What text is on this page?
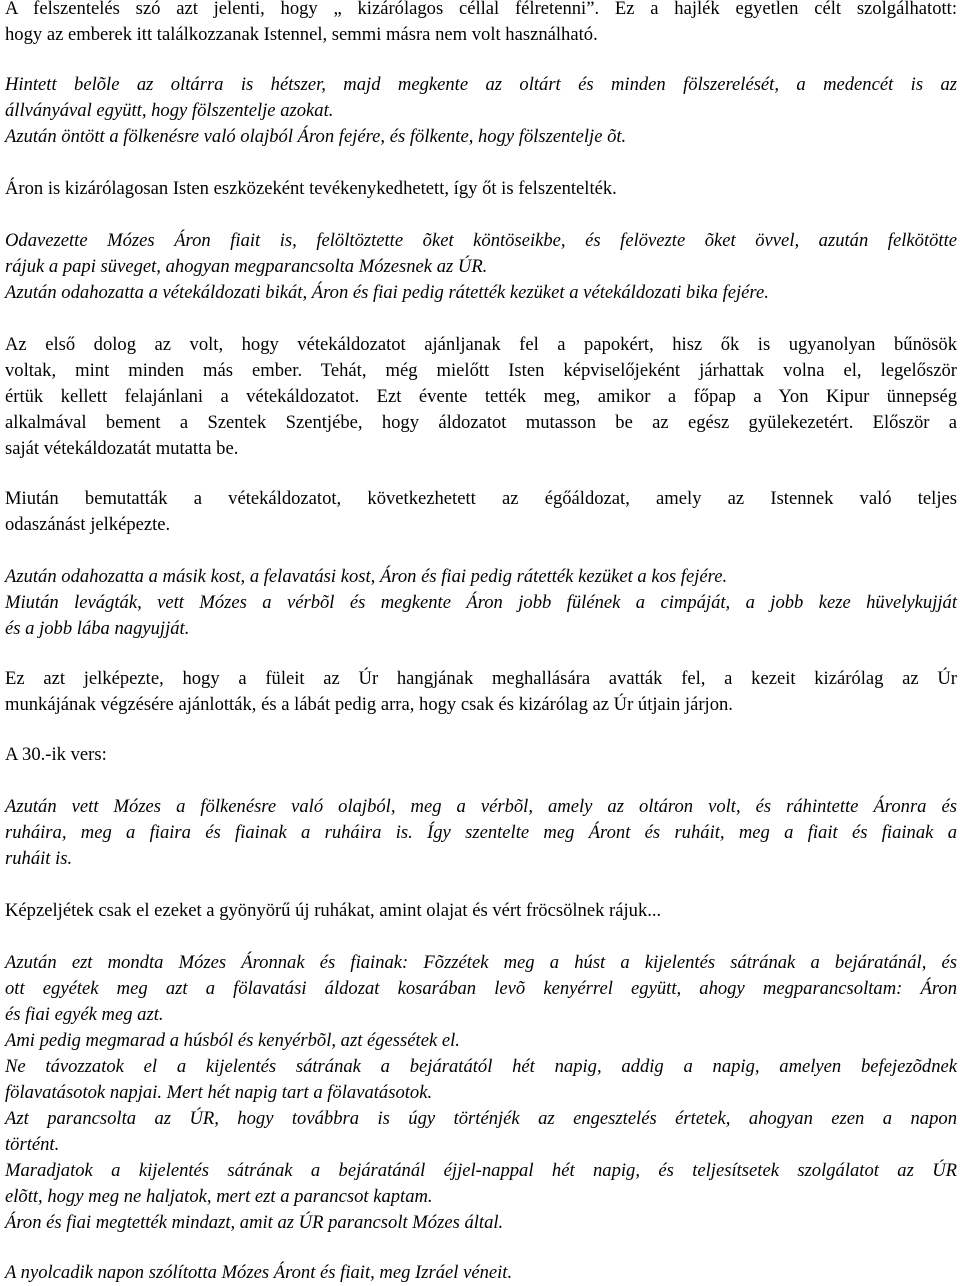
A felszentelés szó azt jelenti, hogy „ kizárólagos céllal félretenni”. Ez a hajlék egyetlen célt szolgálhatott:
hogy az emberek itt találkozzanak Istennel, semmi másra nem volt használható.
Hintett belõle az oltárra is hétszer, majd megkente az oltárt és minden fölszerelését, a medencét is az
állványával együtt, hogy fölszentelje azokat.
Azután öntött a fölkenésre való olajból Áron fejére, és fölkente, hogy fölszentelje õt.
Áron is kizárólagosan Isten eszközeként tevékenykedhetett, így őt is felszentelték.
Odavezette Mózes Áron fiait is, felöltöztette õket köntöseikbe, és felövezte õket övvel, azután felkötötte
rájuk a papi süveget, ahogyan megparancsolta Mózesnek az ÚR.
Azután odahozatta a vétekáldozati bikát, Áron és fiai pedig rátették kezüket a vétekáldozati bika fejére.
Az első dolog az volt, hogy vétekáldozatot ajánljanak fel a papokért, hisz ők is ugyanolyan bűnösök
voltak, mint minden más ember. Tehát, még mielőtt Isten képviselőjeként járhattak volna el, legelőször
értük kellett felajánlani a vétekáldozatot. Ezt évente tették meg, amikor a főpap a Yon Kipur ünnepség
alkalmával bement a Szentek Szentjébe, hogy áldozatot mutasson be az egész gyülekezetért. Először a
saját vétekáldozatát mutatta be.
Miután bemutatták a vétekáldozatot, következhetett az égőáldozat, amely az Istennek való teljes
odaszánást jelképezte.
Azután odahozatta a másik kost, a felavatási kost, Áron és fiai pedig rátették kezüket a kos fejére.
Miután levágták, vett Mózes a vérbõl és megkente Áron jobb fülének a cimpáját, a jobb keze hüvelykujját
és a jobb lába nagyujját.
Ez azt jelképezte, hogy a füleit az Úr hangjának meghallására avatták fel, a kezeit kizárólag az Úr
munkájának végzésére ajánlották, és a lábát pedig arra, hogy csak és kizárólag az Úr útjain járjon.
A 30.-ik vers:
Azután vett Mózes a fölkenésre való olajból, meg a vérbõl, amely az oltáron volt, és ráhintette Áronra és
ruháira, meg a fiaira és fiainak a ruháira is. Így szentelte meg Áront és ruháit, meg a fiait és fiainak a
ruháit is.
Képzeljétek csak el ezeket a gyönyörű új ruhákat, amint olajat és vért fröcsölnek rájuk...
Azután ezt mondta Mózes Áronnak és fiainak: Fõzzétek meg a húst a kijelentés sátrának a bejáratánál, és
ott egyétek meg azt a fölavatási áldozat kosarában levõ kenyérrel együtt, ahogy megparancsoltam: Áron
és fiai egyék meg azt.
Ami pedig megmarad a húsból és kenyérbõl, azt égessétek el.
Ne távozzatok el a kijelentés sátrának a bejáratától hét napig, addig a napig, amelyen befejezõdnek
fölavatásotok napjai. Mert hét napig tart a fölavatásotok.
Azt parancsolta az ÚR, hogy továbbra is úgy történjék az engesztelés értetek, ahogyan ezen a napon
történt.
Maradjatok a kijelentés sátrának a bejáratánál éjjel-nappal hét napig, és teljesítsetek szolgálatot az ÚR
elõtt, hogy meg ne haljatok, mert ezt a parancsot kaptam.
Áron és fiai megtették mindazt, amit az ÚR parancsolt Mózes által.
A nyolcadik napon szólította Mózes Áront és fiait, meg Izráel véneit.
